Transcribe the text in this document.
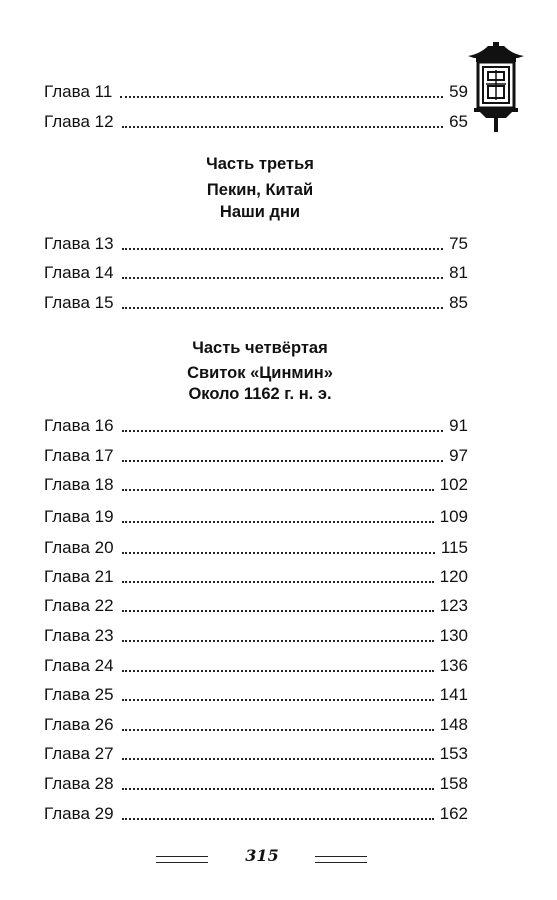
Глава 11	59
Глава 12	65
Часть третья
Пекин, Китай
Наши дни
Глава 13	75
Глава 14	81
Глава 15	85
Часть четвёртая
Свиток «Цинмин»
Около 1162 г. н. э.
Глава 16	91
Глава 17	97
Глава 18	102
Глава 19	109
Глава 20	115
Глава 21	120
Глава 22	123
Глава 23	130
Глава 24	136
Глава 25	141
Глава 26	148
Глава 27	153
Глава 28	158
Глава 29	162
315
